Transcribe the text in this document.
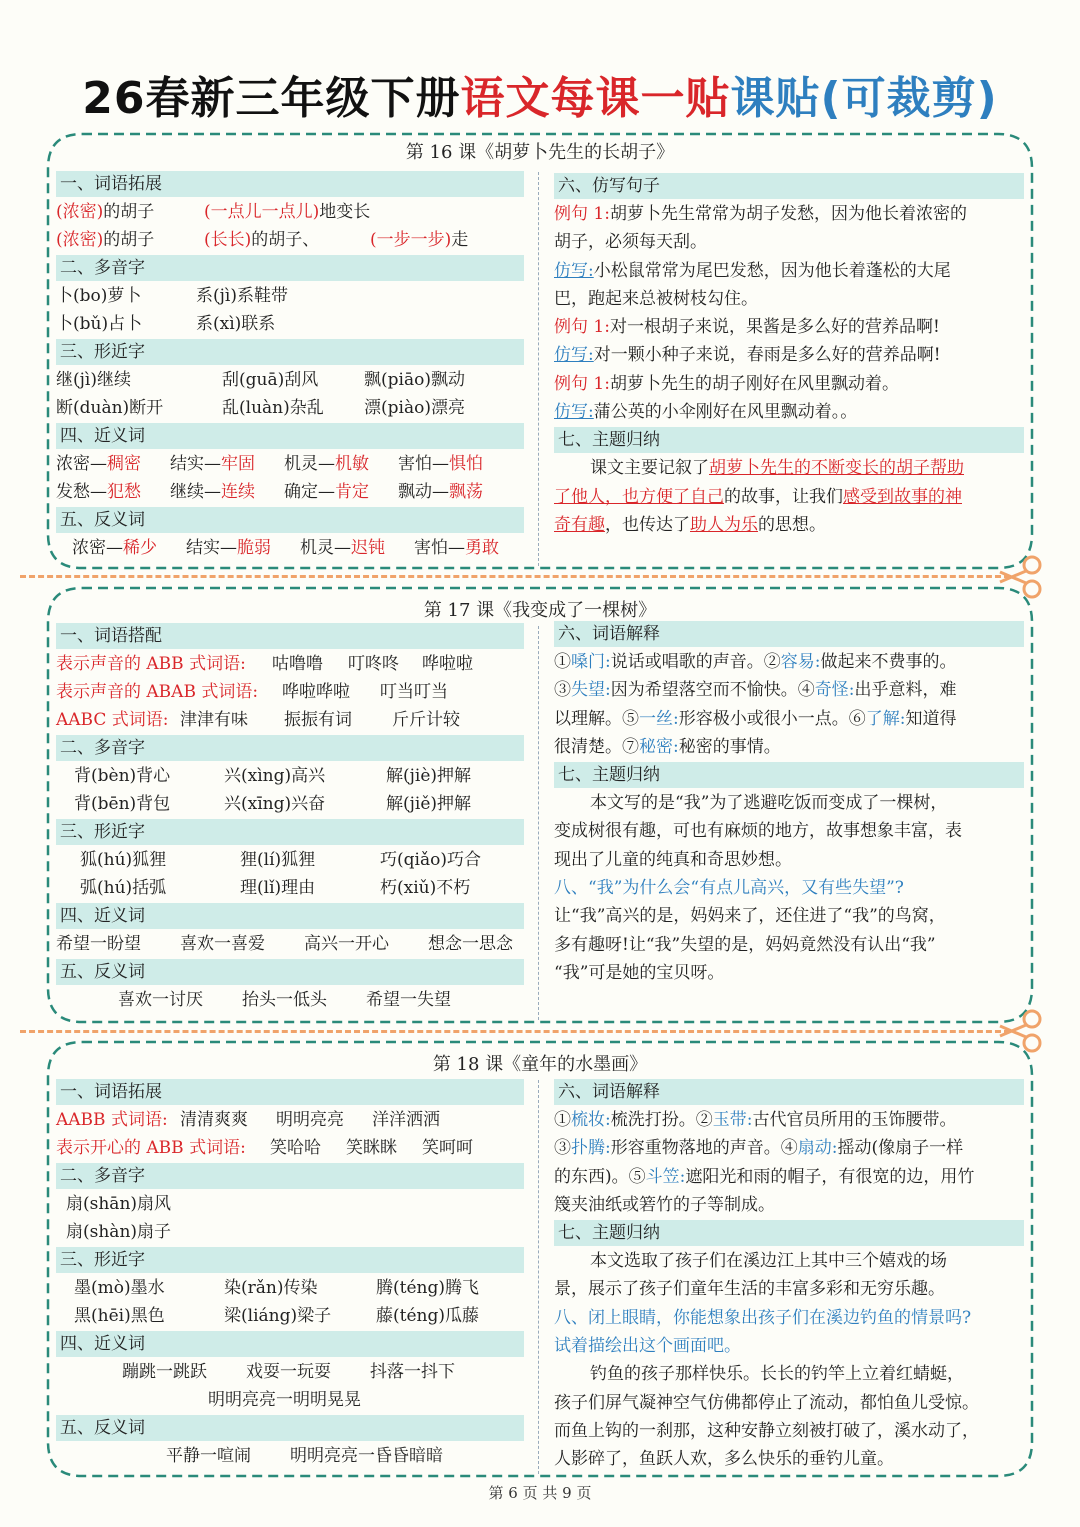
26春新三年级下册语文每课一贴课贴(可裁剪)
第 16 课《胡萝卜先生的长胡子》
一、词语拓展
(浓密)的胡子	(一点儿一点儿)地变长
(浓密)的胡子	(长长)的胡子、	(一步一步)走
二、多音字
卜(bo)萝卜	系(jì)系鞋带
卜(bǔ)占卜	系(xì)联系
三、形近字
继(jì)继续	刮(guā)刮风	飘(piāo)飘动
断(duàn)断开	乱(luàn)杂乱 漂(piào)漂亮
四、近义词
浓密—稠密 结实—牢固 机灵—机敏 害怕—惧怕
发愁—犯愁 继续—连续 确定—肯定 飘动—飘荡
五、反义词
浓密—稀少 结实—脆弱 机灵—迟钝 害怕—勇敢
六、仿写句子
例句 1:胡萝卜先生常常为胡子发愁，因为他长着浓密的
胡子，必须每天刮。
仿写:小松鼠常常为尾巴发愁，因为他长着蓬松的大尾
巴，跑起来总被树枝勾住。
例句 1:对一根胡子来说，果酱是多么好的营养品啊!
仿写:对一颗小种子来说，春雨是多么好的营养品啊!
例句 1:胡萝卜先生的胡子刚好在风里飘动着。
仿写:蒲公英的小伞刚好在风里飘动着。。
七、主题归纳
课文主要记叙了胡萝卜先生的不断变长的胡子帮助
了他人，也方便了自己的故事，让我们感受到故事的神
奇有趣，也传达了助人为乐的思想。
第 17 课《我变成了一棵树》
一、词语搭配
表示声音的 ABB 式词语: 咕噜噜 叮咚咚 哗啦啦
表示声音的 ABAB 式词语: 哗啦哗啦 叮当叮当
AABC 式词语: 津津有味 振振有词 斤斤计较
二、多音字
背(bèn)背心	兴(xìng)高兴	解(jiè)押解
背(bēn)背包	兴(xīng)兴奋	解(jiě)押解
三、形近字
狐(hú)狐狸	狸(lí)狐狸	巧(qiǎo)巧合
弧(hú)括弧	理(lǐ)理由	朽(xiǔ)不朽
四、近义词
希望一盼望 喜欢一喜爱 高兴一开心 想念一思念
五、反义词
喜欢一讨厌 抬头一低头 希望一失望
六、词语解释
①嗓门:说话或唱歌的声音。②容易:做起来不费事的。
③失望:因为希望落空而不愉快。④奇怪:出乎意料，难
以理解。⑤一丝:形容极小或很小一点。⑥了解:知道得
很清楚。⑦秘密:秘密的事情。
七、主题归纳
本文写的是“我”为了逃避吃饭而变成了一棵树，
变成树很有趣，可也有麻烦的地方，故事想象丰富，表
现出了儿童的纯真和奇思妙想。
八、“我”为什么会“有点儿高兴，又有些失望”?
让“我”高兴的是，妈妈来了，还住进了“我”的鸟窝，
多有趣呀!让“我”失望的是，妈妈竟然没有认出“我”
“我”可是她的宝贝呀。
第 18 课《童年的水墨画》
一、词语拓展
AABB 式词语: 清清爽爽 明明亮亮 洋洋洒洒
表示开心的 ABB 式词语: 笑哈哈 笑眯眯 笑呵呵
二、多音字
扇(shān)扇风
扇(shàn)扇子
三、形近字
墨(mò)墨水	染(rǎn)传染	腾(téng)腾飞
黑(hēi)黑色	梁(liáng)梁子	藤(téng)瓜藤
四、近义词
蹦跳一跳跃 戏耍一玩耍 抖落一抖下
明明亮亮一明明晃晃
五、反义词
平静一喧闹 明明亮亮一昏昏暗暗
六、词语解释
①梳妆:梳洗打扮。②玉带:古代官员所用的玉饰腰带。
③扑腾:形容重物落地的声音。④扇动:摇动(像扇子一样
的东西)。⑤斗笠:遮阳光和雨的帽子，有很宽的边，用竹
篾夹油纸或箬竹的子等制成。
七、主题归纳
本文选取了孩子们在溪边江上其中三个嬉戏的场
景，展示了孩子们童年生活的丰富多彩和无穷乐趣。
八、闭上眼睛，你能想象出孩子们在溪边钓鱼的情景吗?
试着描绘出这个画面吧。
钓鱼的孩子那样快乐。长长的钓竿上立着红蜻蜓，
孩子们屏气凝神空气仿佛都停止了流动，都怕鱼儿受惊。
而鱼上钩的一刹那，这种安静立刻被打破了，溪水动了，
人影碎了，鱼跃人欢，多么快乐的垂钓儿童。
第 6 页 共 9 页
